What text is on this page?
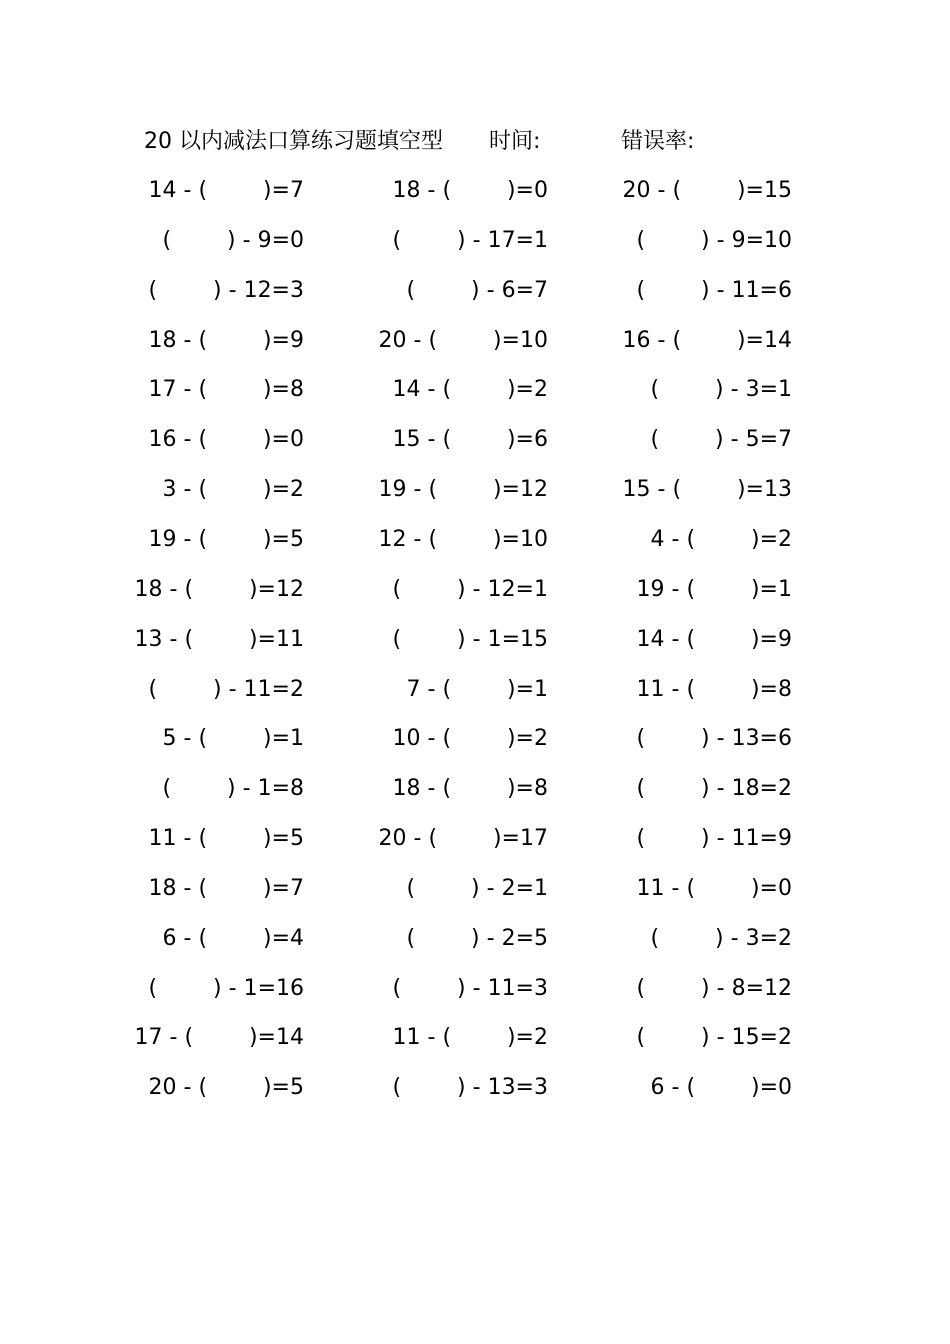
20 以内减法口算练习题填空型 时间:	错误率:
14 - (        )=7	18 - (        )=0	20 - (        )=15
(        ) - 9=0	(        ) - 17=1	(        ) - 9=10
(        ) - 12=3	(        ) - 6=7	(        ) - 11=6
18 - (        )=9	20 - (        )=10	16 - (        )=14
17 - (        )=8	14 - (        )=2	(        ) - 3=1
16 - (        )=0	15 - (        )=6	(        ) - 5=7
3 - (        )=2	19 - (        )=12	15 - (        )=13
19 - (        )=5	12 - (        )=10	4 - (        )=2
18 - (        )=12	(        ) - 12=1	19 - (        )=1
13 - (        )=11	(        ) - 1=15	14 - (        )=9
(        ) - 11=2	7 - (        )=1	11 - (        )=8
5 - (        )=1	10 - (        )=2	(        ) - 13=6
(        ) - 1=8	18 - (        )=8	(        ) - 18=2
11 - (        )=5	20 - (        )=17	(        ) - 11=9
18 - (        )=7	(        ) - 2=1	11 - (        )=0
6 - (        )=4	(        ) - 2=5	(        ) - 3=2
(        ) - 1=16	(        ) - 11=3	(        ) - 8=12
17 - (        )=14	11 - (        )=2	(        ) - 15=2
20 - (        )=5	(        ) - 13=3	6 - (        )=0
